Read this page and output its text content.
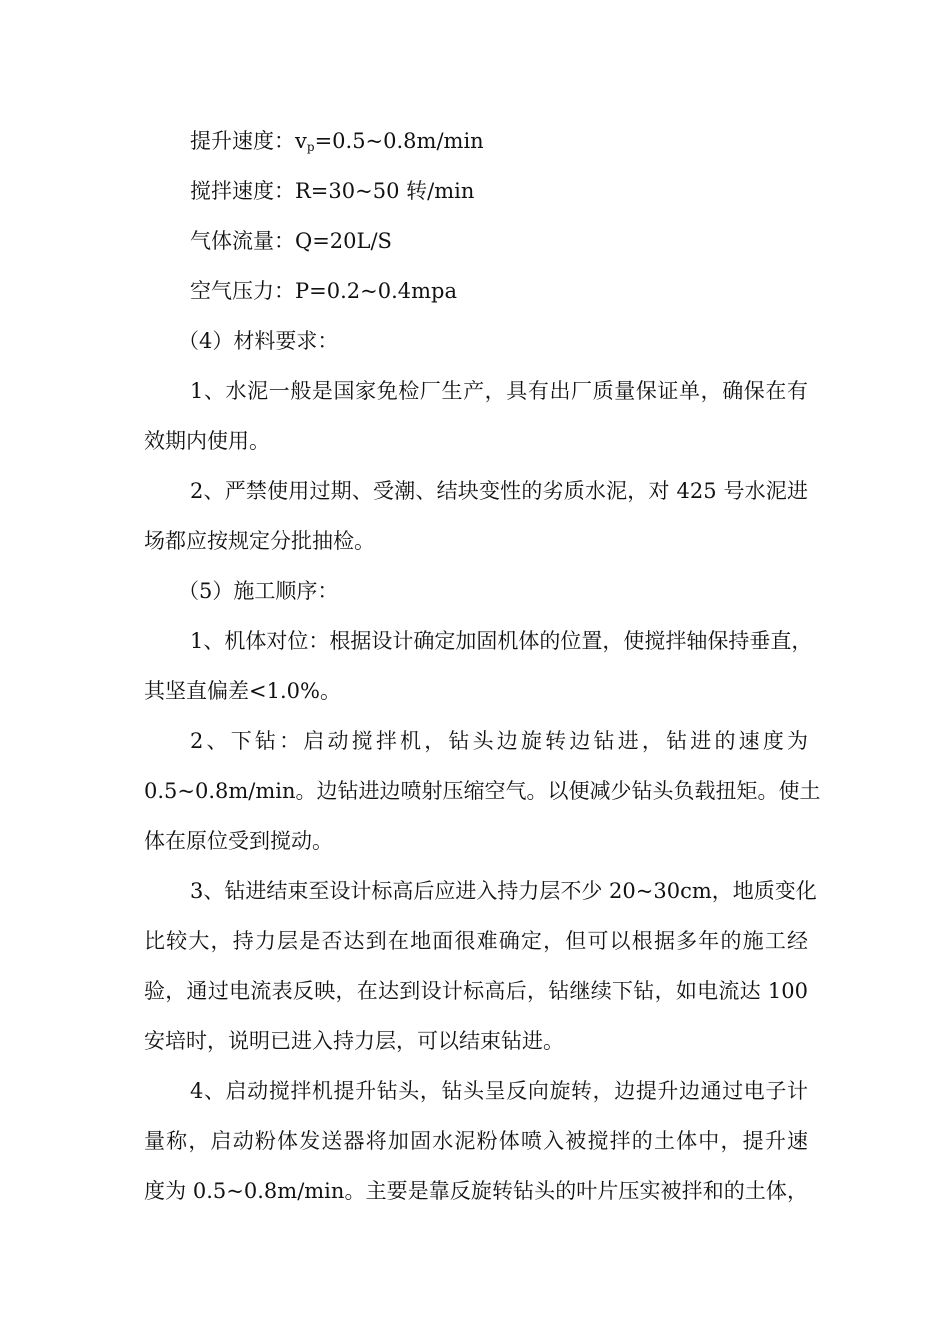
提升速度：vp=0.5~0.8m/min
搅拌速度：R=30~50 转/min
气体流量：Q=20L/S
空气压力：P=0.2~0.4mpa
（4）材料要求：
1、水泥一般是国家免检厂生产，具有出厂质量保证单，确保在有
效期内使用。
2、严禁使用过期、受潮、结块变性的劣质水泥，对 425 号水泥进
场都应按规定分批抽检。
（5）施工顺序：
1、机体对位：根据设计确定加固机体的位置，使搅拌轴保持垂直，
其坚直偏差<1.0%。
2、下钻：启动搅拌机，钻头边旋转边钻进，钻进的速度为
0.5~0.8m/min。边钻进边喷射压缩空气。以便减少钻头负载扭矩。使土
体在原位受到搅动。
3、钻进结束至设计标高后应进入持力层不少 20~30cm，地质变化
比较大，持力层是否达到在地面很难确定，但可以根据多年的施工经
验，通过电流表反映，在达到设计标高后，钻继续下钻，如电流达 100
安培时，说明已进入持力层，可以结束钻进。
4、启动搅拌机提升钻头，钻头呈反向旋转，边提升边通过电子计
量称，启动粉体发送器将加固水泥粉体喷入被搅拌的土体中，提升速
度为 0.5~0.8m/min。主要是靠反旋转钻头的叶片压实被拌和的土体，
